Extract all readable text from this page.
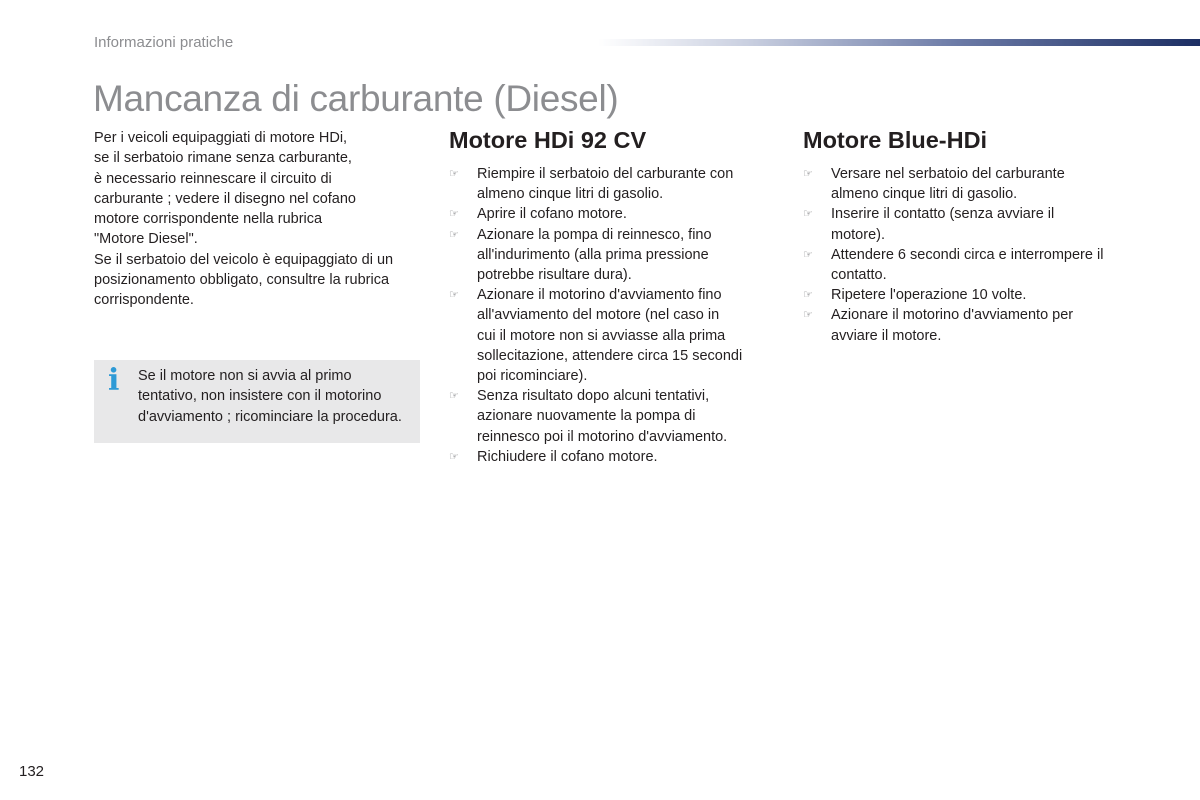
Informazioni pratiche
Mancanza di carburante (Diesel)

Per i veicoli equipaggiati di motore HDi,
se il serbatoio rimane senza carburante,
è necessario reinnescare il circuito di
carburante ; vedere il disegno nel cofano
motore corrispondente nella rubrica
"Motore Diesel".

Se il serbatoio del veicolo è equipaggiato di un
posizionamento obbligato, consultre la rubrica
corrispondente.

i Se il motore non si avvia al primo
tentativo, non insistere con il motorino
d'avviamento ; ricominciare la procedura.

Motore HDi 92 CV
☞ Riempire il serbatoio del carburante con
almeno cinque litri di gasolio.
☞ Aprire il cofano motore.
☞ Azionare la pompa di reinnesco, fino
all'indurimento (alla prima pressione
potrebbe risultare dura).
☞ Azionare il motorino d'avviamento fino
all'avviamento del motore (nel caso in
cui il motore non si avviasse alla prima
sollecitazione, attendere circa 15 secondi
poi ricominciare).
☞ Senza risultato dopo alcuni tentativi,
azionare nuovamente la pompa di
reinnesco poi il motorino d'avviamento.
☞ Richiudere il cofano motore.
Motore Blue-HDi
☞ Versare nel serbatoio del carburante
almeno cinque litri di gasolio.
☞ Inserire il contatto (senza avviare il
motore).
☞ Attendere 6 secondi circa e interrompere il
contatto.
☞ Ripetere l'operazione 10 volte.
☞ Azionare il motorino d'avviamento per
avviare il motore.
132
